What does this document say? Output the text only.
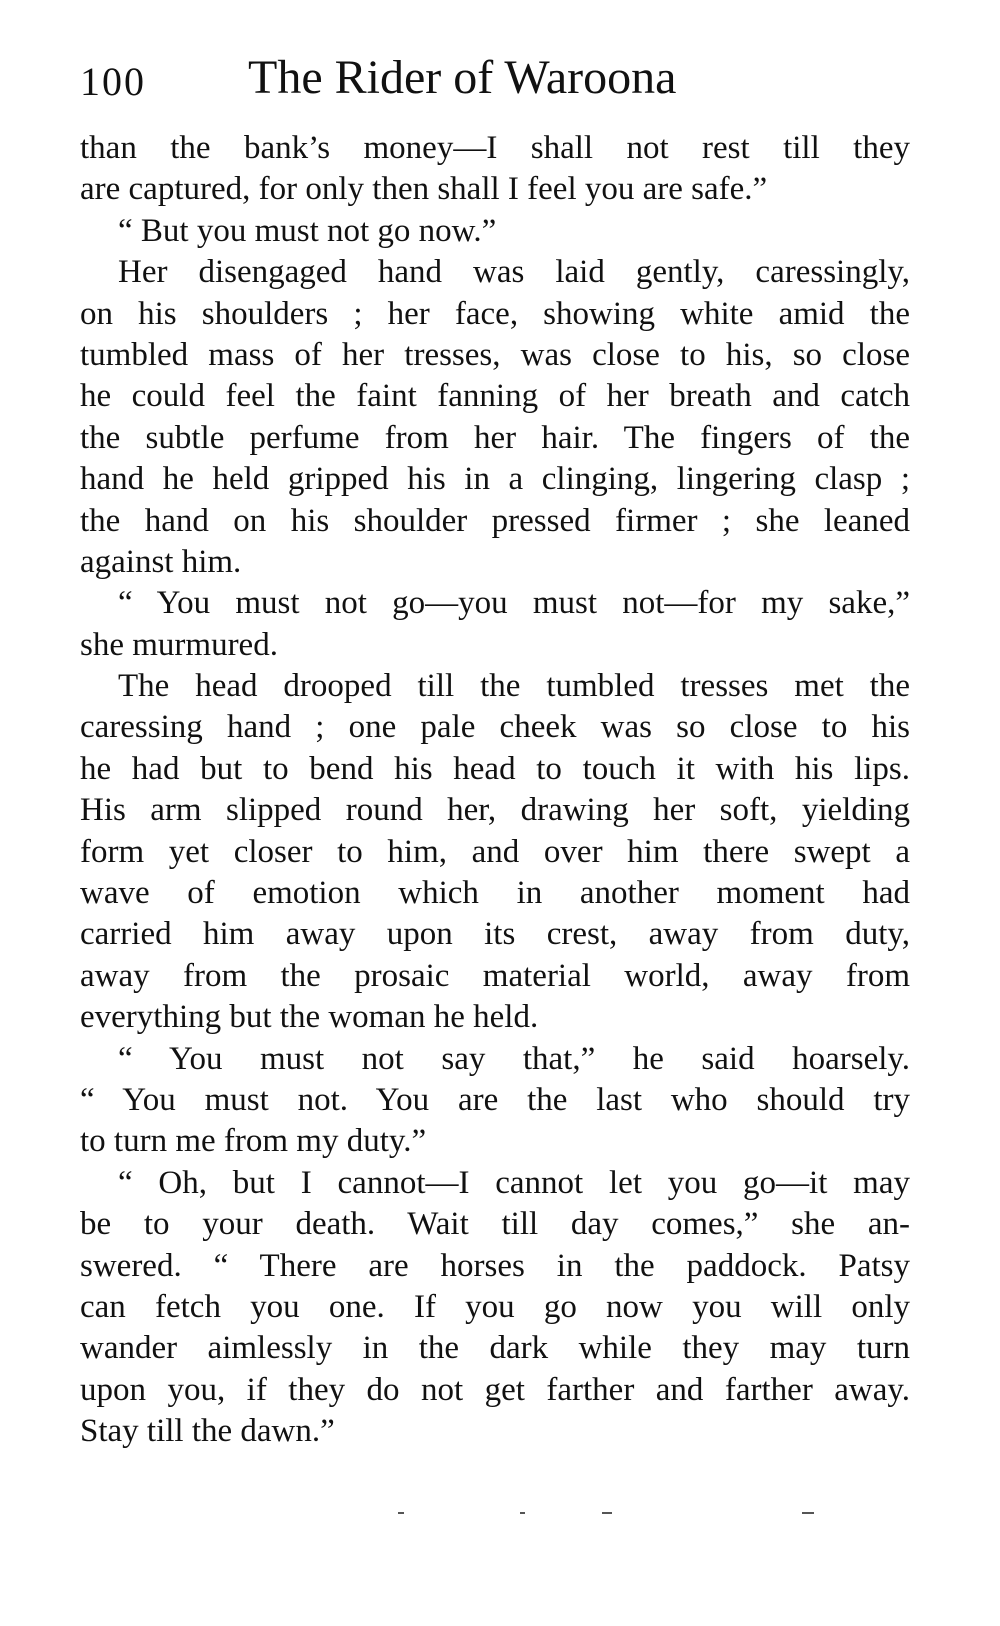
100 The Rider of Waroona
than the bank’s money—I shall not rest till they
are captured, for only then shall I feel you are safe.”
“ But you must not go now.”
Her disengaged hand was laid gently, caressingly,
on his shoulders ; her face, showing white amid the
tumbled mass of her tresses, was close to his, so close
he could feel the faint fanning of her breath and catch
the subtle perfume from her hair. The fingers of the
hand he held gripped his in a clinging, lingering clasp ;
the hand on his shoulder pressed firmer ; she leaned
against him.
“ You must not go—you must not—for my sake,”
she murmured.
The head drooped till the tumbled tresses met the
caressing hand ; one pale cheek was so close to his
he had but to bend his head to touch it with his lips.
His arm slipped round her, drawing her soft, yielding
form yet closer to him, and over him there swept a
wave of emotion which in another moment had
carried him away upon its crest, away from duty,
away from the prosaic material world, away from
everything but the woman he held.
“ You must not say that,” he said hoarsely.
“ You must not. You are the last who should try
to turn me from my duty.”
“ Oh, but I cannot—I cannot let you go—it may
be to your death. Wait till day comes,” she an-
swered. “ There are horses in the paddock. Patsy
can fetch you one. If you go now you will only
wander aimlessly in the dark while they may turn
upon you, if they do not get farther and farther away.
Stay till the dawn.”
